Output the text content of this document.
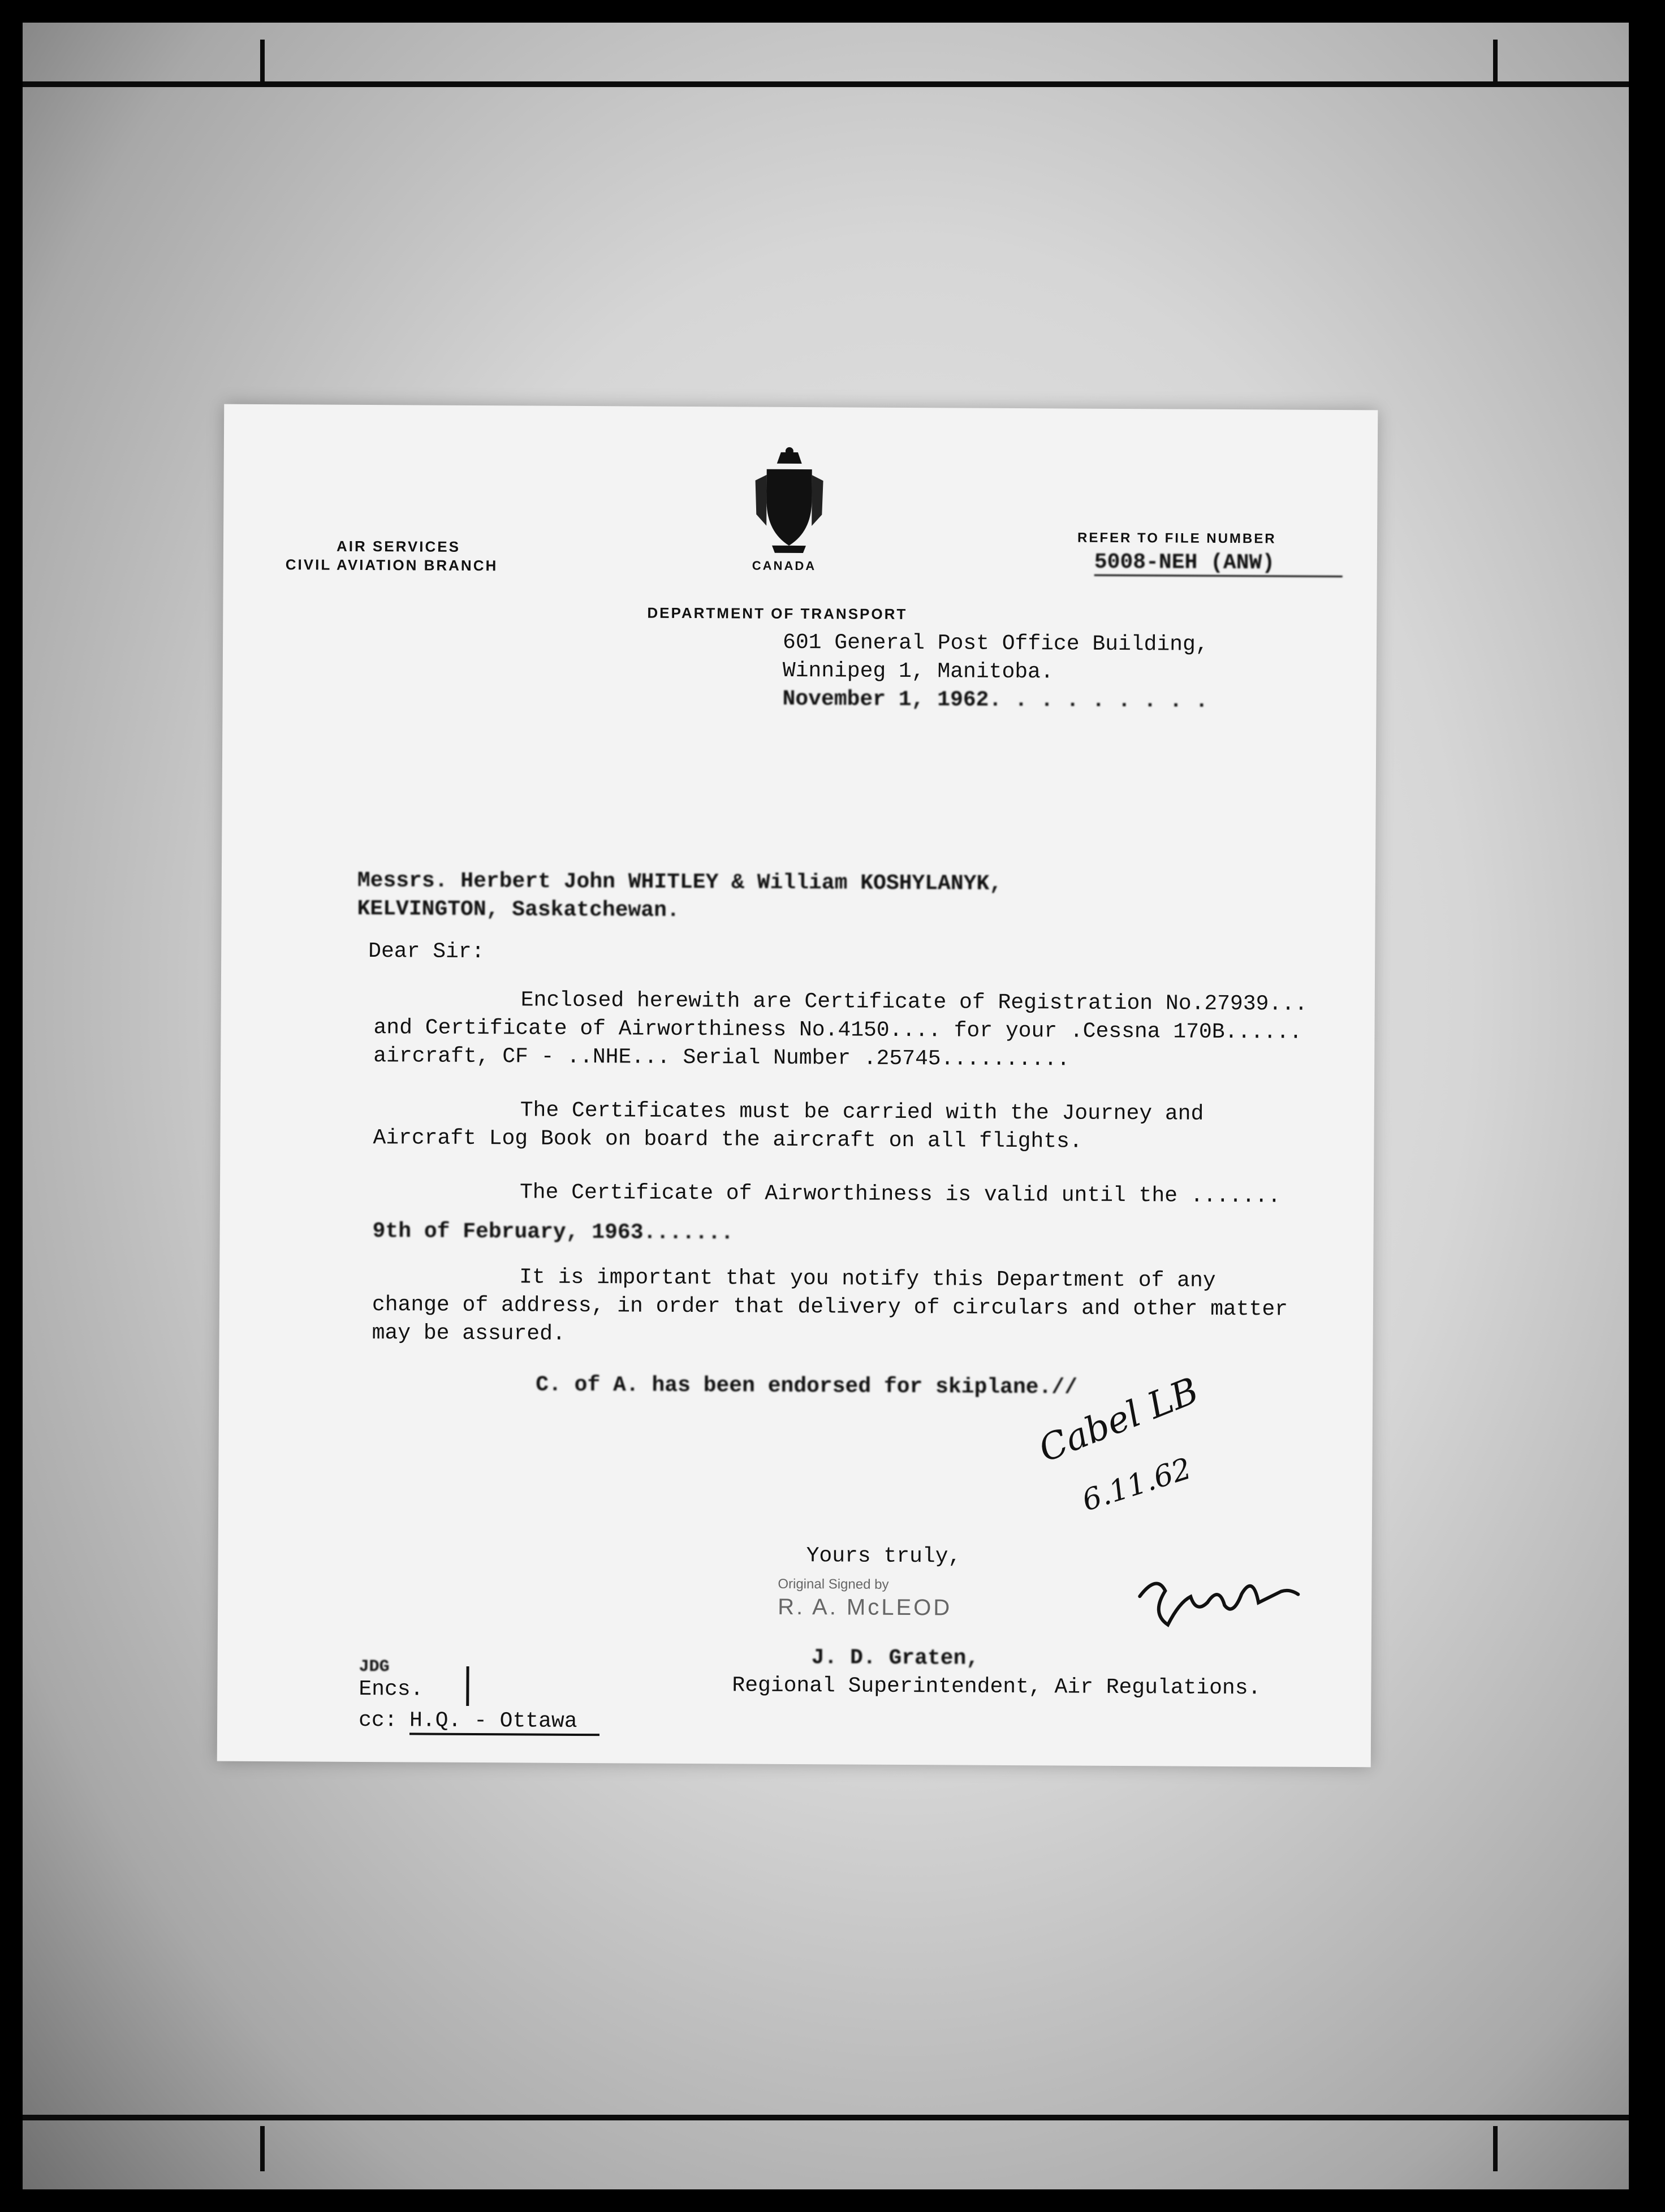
AIR SERVICES
CIVIL AVIATION BRANCH	CANADA
REFER TO FILE NUMBER
5008-NEH (ANW)
DEPARTMENT OF TRANSPORT
601 General Post Office Building,
Winnipeg 1, Manitoba.
November 1, 1962. . . . . . . . .
Messrs. Herbert John WHITLEY & William KOSHYLANYK,
KELVINGTON, Saskatchewan.
Dear Sir:
Enclosed herewith are Certificate of Registration No.27939...
and Certificate of Airworthiness No.4150.... for your .Cessna 170B......
aircraft, CF - ..NHE... Serial Number .25745..........
The Certificates must be carried with the Journey and
Aircraft Log Book on board the aircraft on all flights.
The Certificate of Airworthiness is valid until the .......
9th of February, 1963.......
It is important that you notify this Department of any
change of address, in order that delivery of circulars and other matter
may be assured.
C. of A. has been endorsed for skiplane.//
Cabel LB
6.11.62
Yours truly,
Original Signed by
R. A. McLEOD
J. D. Graten,
Regional Superintendent, Air Regulations.
JDG
Encs.
cc: H.Q. - Ottawa
